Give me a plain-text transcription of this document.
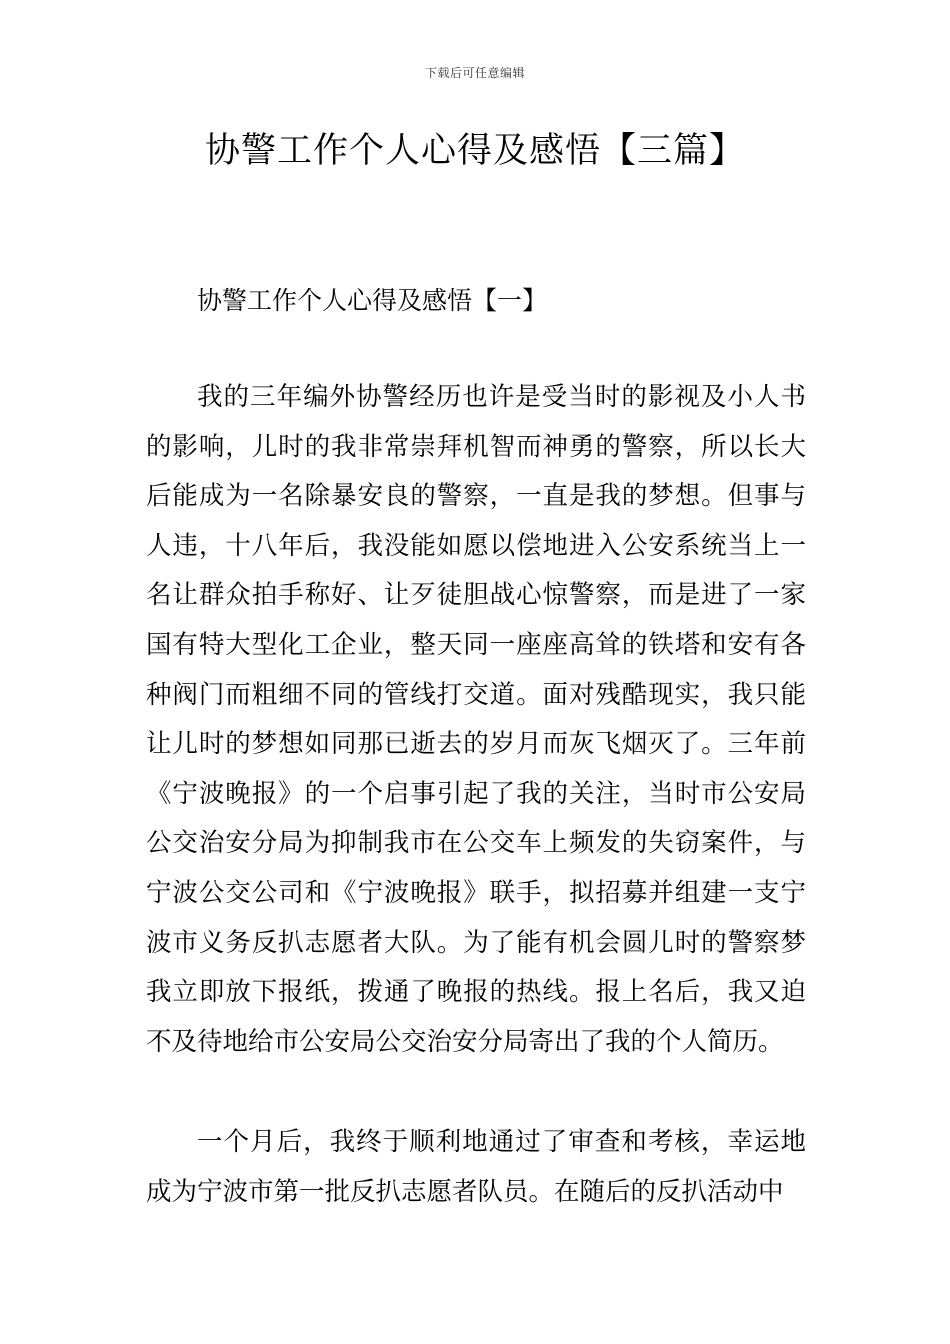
下载后可任意编辑
协警工作个人心得及感悟【三篇】
协警工作个人心得及感悟【一】

我的三年编外协警经历也许是受当时的影视及小人书的影响，儿时的我非常崇拜机智而神勇的警察，所以长大后能成为一名除暴安良的警察，一直是我的梦想。但事与人违，十八年后，我没能如愿以偿地进入公安系统当上一名让群众拍手称好、让歹徒胆战心惊警察，而是进了一家国有特大型化工企业，整天同一座座高耸的铁塔和安有各种阀门而粗细不同的管线打交道。面对残酷现实，我只能让儿时的梦想如同那已逝去的岁月而灰飞烟灭了。三年前《宁波晚报》的一个启事引起了我的关注，当时市公安局公交治安分局为抑制我市在公交车上频发的失窃案件，与宁波公交公司和《宁波晚报》联手，拟招募并组建一支宁波市义务反扒志愿者大队。为了能有机会圆儿时的警察梦我立即放下报纸，拨通了晚报的热线。报上名后，我又迫不及待地给市公安局公交治安分局寄出了我的个人简历。

一个月后，我终于顺利地通过了审查和考核，幸运地成为宁波市第一批反扒志愿者队员。在随后的反扒活动中
